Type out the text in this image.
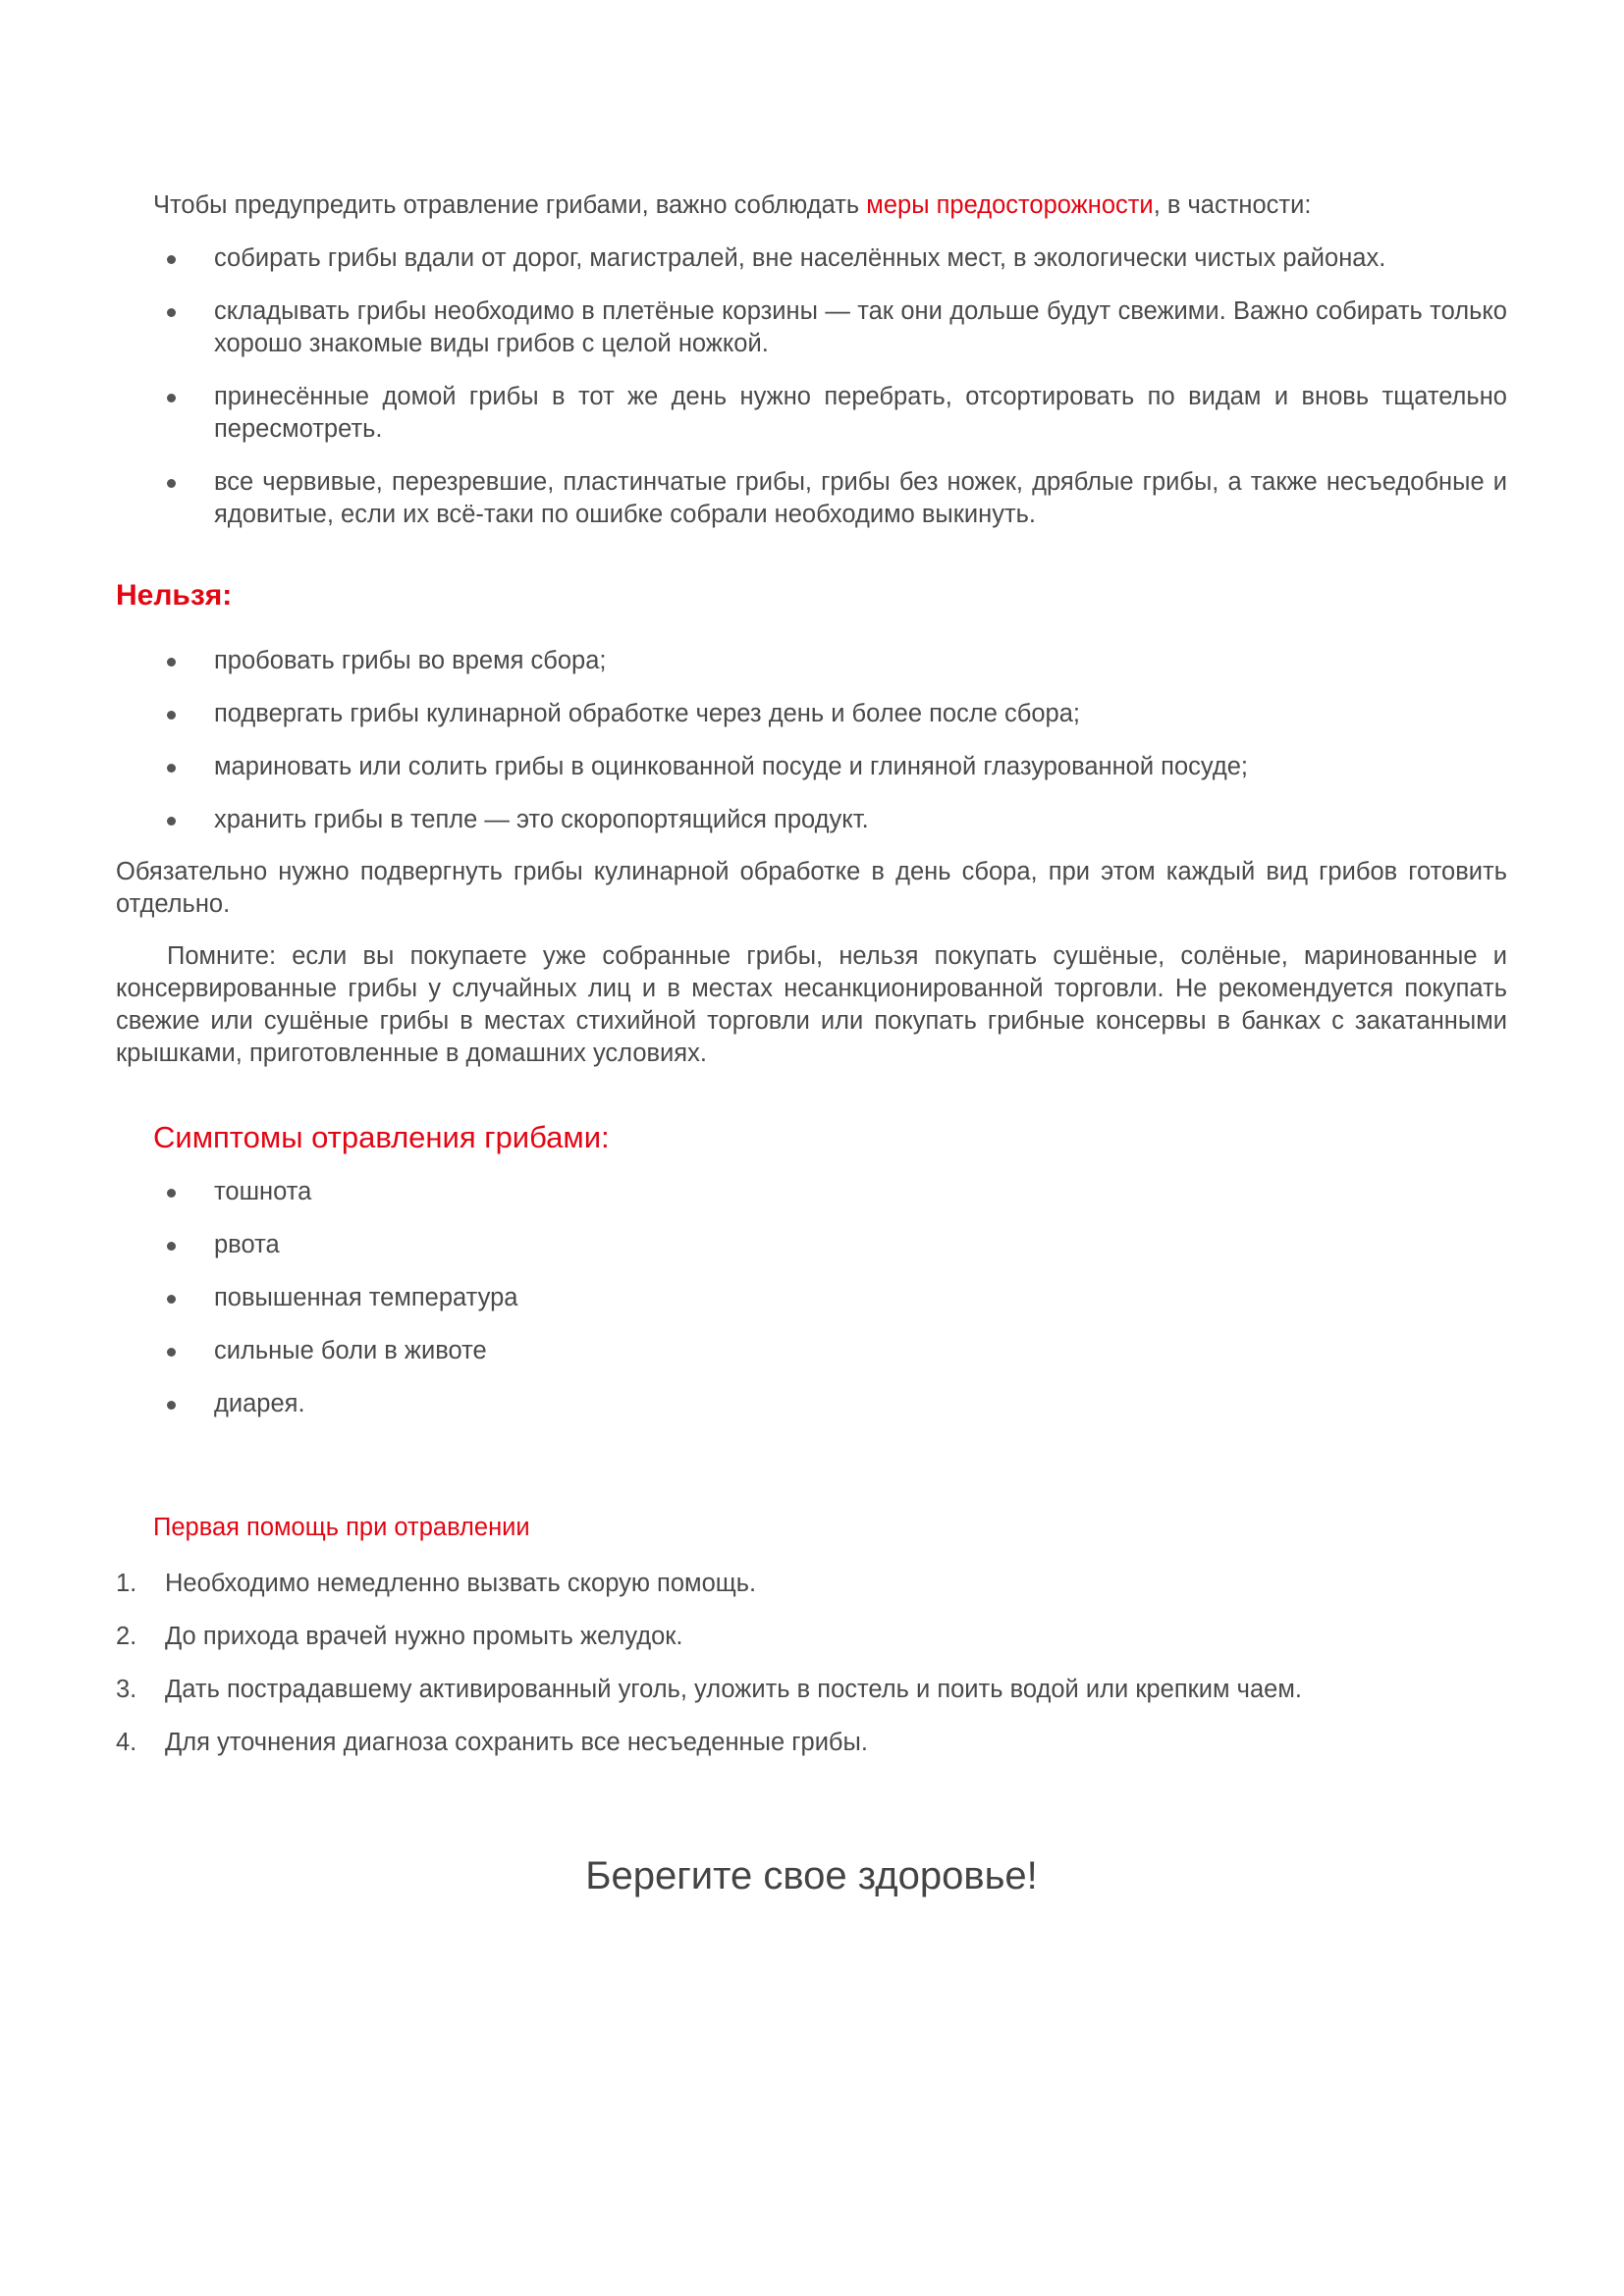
Чтобы предупредить отравление грибами, важно соблюдать меры предосторожности, в частности:

собирать грибы вдали от дорог, магистралей, вне населённых мест, в экологически чистых районах.
складывать грибы необходимо в плетёные корзины — так они дольше будут свежими. Важно собирать только хорошо знакомые виды грибов с целой ножкой.
принесённые домой грибы в тот же день нужно перебрать, отсортировать по видам и вновь тщательно пересмотреть.
все червивые, перезревшие, пластинчатые грибы, грибы без ножек, дряблые грибы, а также несъедобные и ядовитые, если их всё-таки по ошибке собрали необходимо выкинуть.
Нельзя:
пробовать грибы во время сбора;
подвергать грибы кулинарной обработке через день и более после сбора;
мариновать или солить грибы в оцинкованной посуде и глиняной глазурованной посуде;
хранить грибы в тепле — это скоропортящийся продукт.

Обязательно нужно подвергнуть грибы кулинарной обработке в день сбора, при этом каждый вид грибов готовить отдельно.

Помните: если вы покупаете уже собранные грибы, нельзя покупать сушёные, солёные, маринованные и консервированные грибы у случайных лиц и в местах несанкционированной торговли. Не рекомендуется покупать свежие или сушёные грибы в местах стихийной торговли или покупать грибные консервы в банках с закатанными крышками, приготовленные в домашних условиях.

Симптомы отравления грибами:
тошнота
рвота
повышенная температура
сильные боли в животе
диарея.
Первая помощь при отравлении
1. Необходимо немедленно вызвать скорую помощь.
2. До прихода врачей нужно промыть желудок.
3. Дать пострадавшему активированный уголь, уложить в постель и поить водой или крепким чаем.
4. Для уточнения диагноза сохранить все несъеденные грибы.

Берегите свое здоровье!
